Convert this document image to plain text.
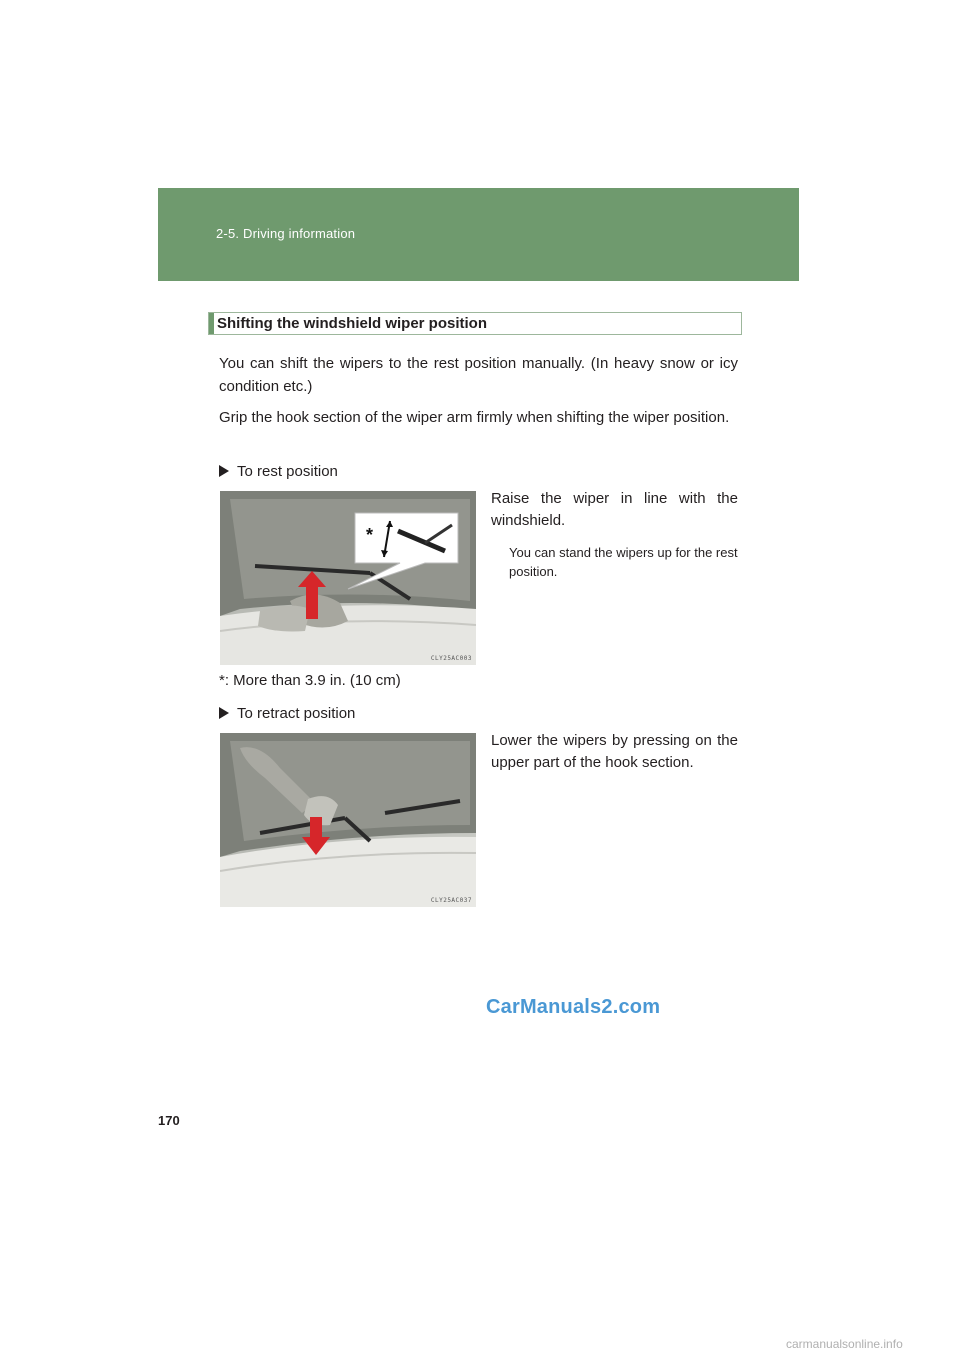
2-5. Driving information
Shifting the windshield wiper position

You can shift the wipers to the rest position manually. (In heavy snow or icy condition etc.)

Grip the hook section of the wiper arm firmly when shifting the wiper position.

To rest position
*
CLY25AC003

Raise the wiper in line with the windshield.

You can stand the wipers up for the rest position.

*: More than 3.9 in. (10 cm)

To retract position
CLY25AC037

Lower the wipers by pressing on the upper part of the hook section.

CarManuals2.com
170
carmanualsonline.info
